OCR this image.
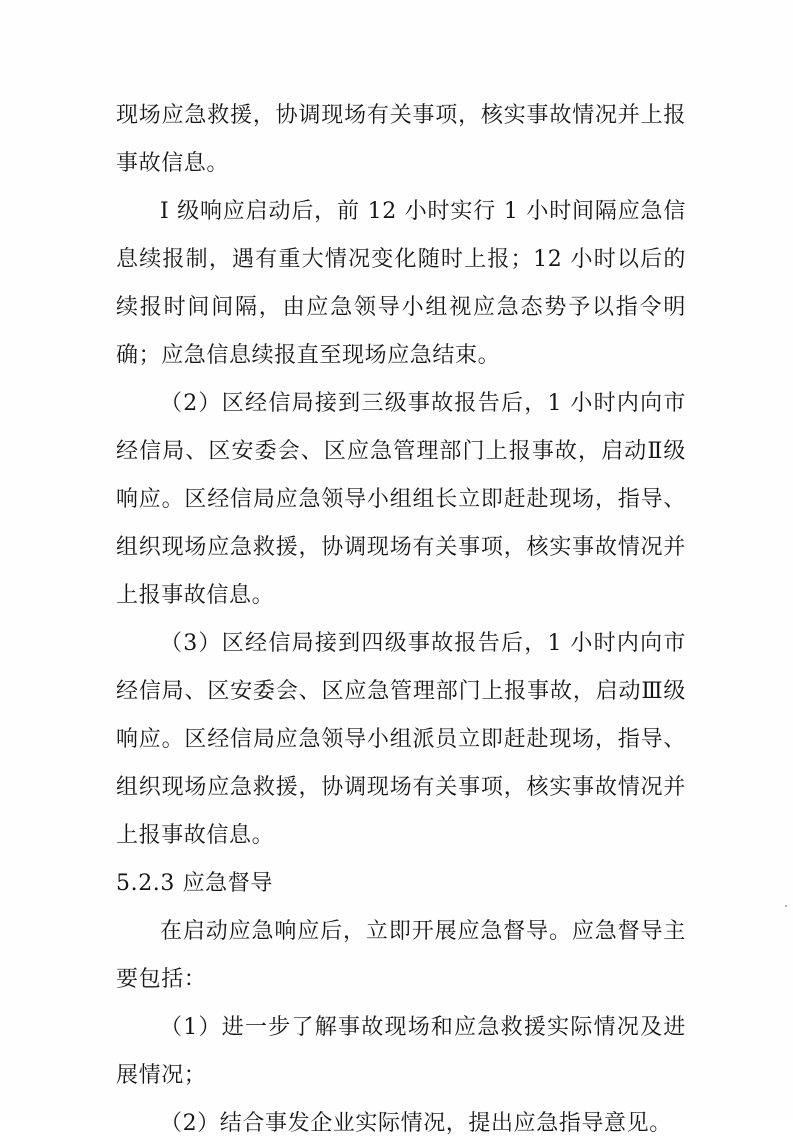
现场应急救援，协调现场有关事项，核实事故情况并上报事故信息。

I 级响应启动后，前 12 小时实行 1 小时间隔应急信息续报制，遇有重大情况变化随时上报；12 小时以后的续报时间间隔，由应急领导小组视应急态势予以指令明确；应急信息续报直至现场应急结束。

（2）区经信局接到三级事故报告后，1 小时内向市经信局、区安委会、区应急管理部门上报事故，启动Ⅱ级响应。区经信局应急领导小组组长立即赶赴现场，指导、组织现场应急救援，协调现场有关事项，核实事故情况并上报事故信息。

（3）区经信局接到四级事故报告后，1 小时内向市经信局、区安委会、区应急管理部门上报事故，启动Ⅲ级响应。区经信局应急领导小组派员立即赶赴现场，指导、组织现场应急救援，协调现场有关事项，核实事故情况并上报事故信息。

5.2.3 应急督导

在启动应急响应后，立即开展应急督导。应急督导主要包括：

（1）进一步了解事故现场和应急救援实际情况及进展情况；

（2）结合事发企业实际情况，提出应急指导意见。
